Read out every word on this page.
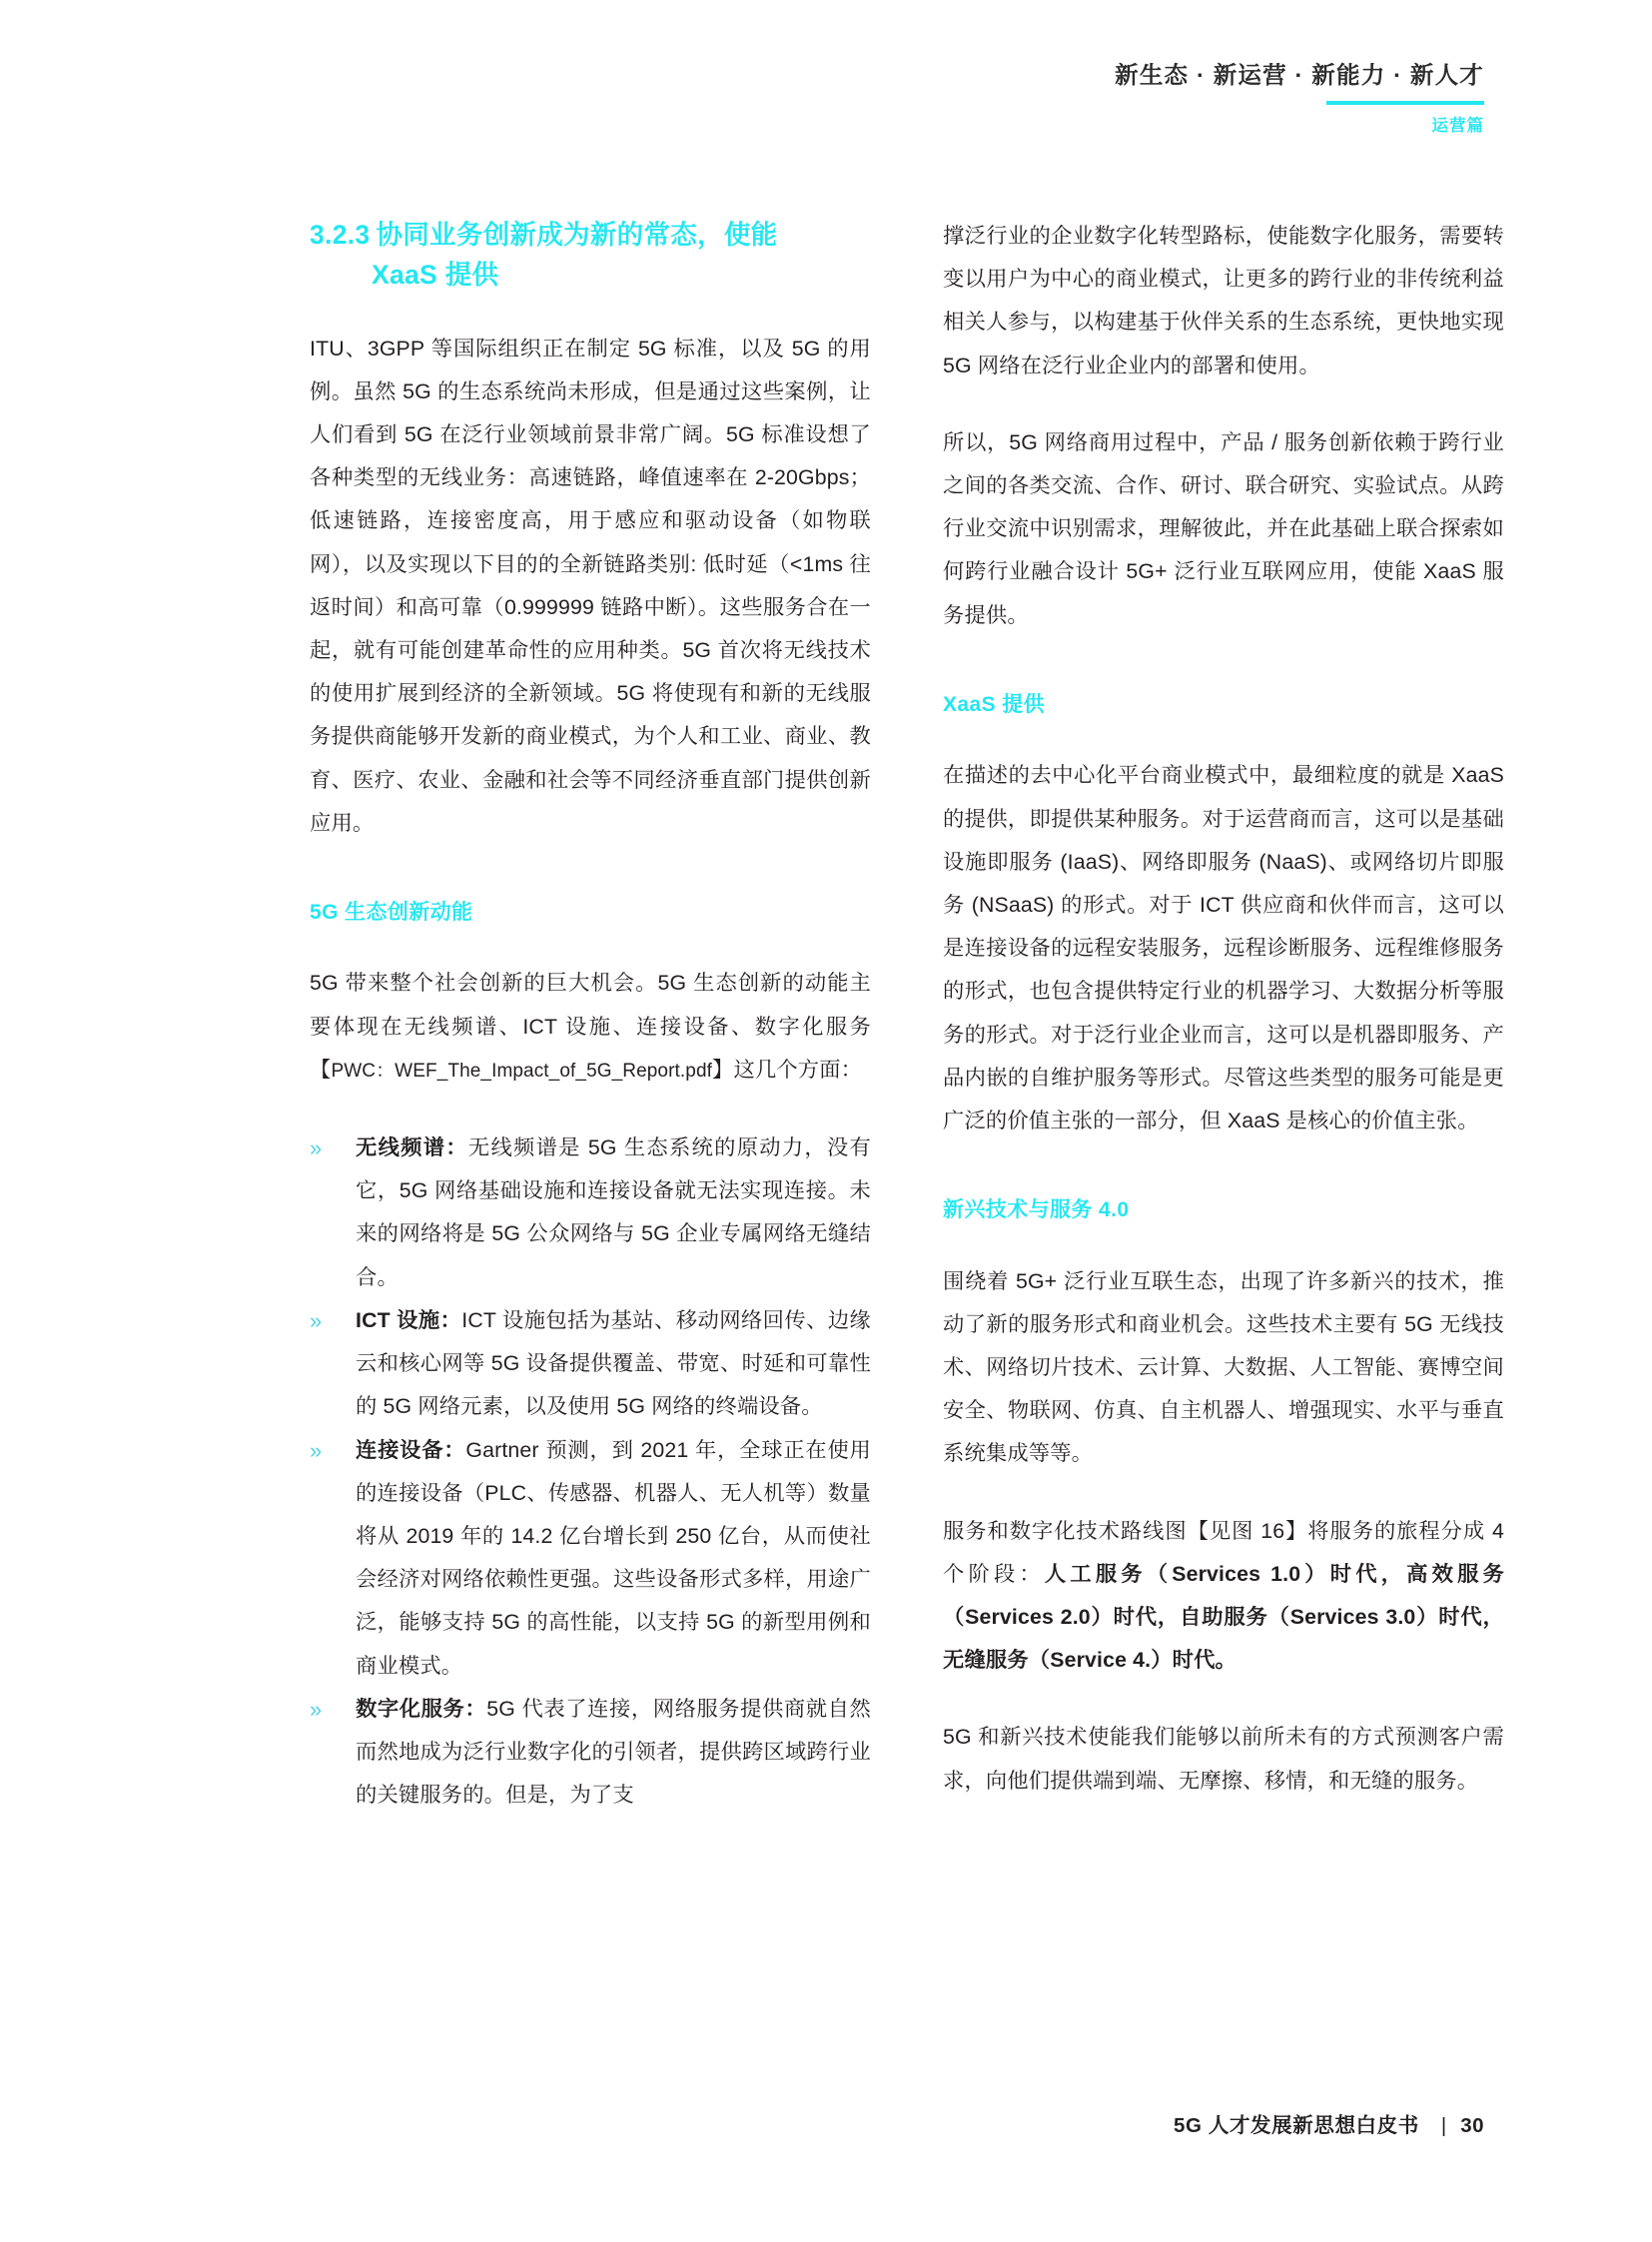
新生态 · 新运营 · 新能力 · 新人才
运营篇
3.2.3 协同业务创新成为新的常态，使能
XaaS 提供

ITU、3GPP 等国际组织正在制定 5G 标准，以及 5G 的用例。虽然 5G 的生态系统尚未形成，但是通过这些案例，让人们看到 5G 在泛行业领域前景非常广阔。5G 标准设想了各种类型的无线业务：高速链路，峰值速率在 2-20Gbps；低速链路，连接密度高，用于感应和驱动设备（如物联网），以及实现以下目的的全新链路类别: 低时延（<1ms 往返时间）和高可靠（0.999999 链路中断）。这些服务合在一起，就有可能创建革命性的应用种类。5G 首次将无线技术的使用扩展到经济的全新领域。5G 将使现有和新的无线服务提供商能够开发新的商业模式，为个人和工业、商业、教育、医疗、农业、金融和社会等不同经济垂直部门提供创新应用。

5G 生态创新动能

5G 带来整个社会创新的巨大机会。5G 生态创新的动能主要体现在无线频谱、ICT 设施、连接设备、数字化服务【PWC：WEF_The_Impact_of_5G_Report.pdf】这几个方面：

» 无线频谱：无线频谱是 5G 生态系统的原动力，没有它，5G 网络基础设施和连接设备就无法实现连接。未来的网络将是 5G 公众网络与 5G 企业专属网络无缝结合。
» ICT 设施：ICT 设施包括为基站、移动网络回传、边缘云和核心网等 5G 设备提供覆盖、带宽、时延和可靠性的 5G 网络元素，以及使用 5G 网络的终端设备。
» 连接设备：Gartner 预测，到 2021 年，全球正在使用的连接设备（PLC、传感器、机器人、无人机等）数量将从 2019 年的 14.2 亿台增长到 250 亿台，从而使社会经济对网络依赖性更强。这些设备形式多样，用途广泛，能够支持 5G 的高性能，以支持 5G 的新型用例和商业模式。
» 数字化服务：5G 代表了连接，网络服务提供商就自然而然地成为泛行业数字化的引领者，提供跨区域跨行业的关键服务的。但是，为了支

撑泛行业的企业数字化转型路标，使能数字化服务，需要转变以用户为中心的商业模式，让更多的跨行业的非传统利益相关人参与，以构建基于伙伴关系的生态系统，更快地实现 5G 网络在泛行业企业内的部署和使用。

所以，5G 网络商用过程中，产品 / 服务创新依赖于跨行业之间的各类交流、合作、研讨、联合研究、实验试点。从跨行业交流中识别需求，理解彼此，并在此基础上联合探索如何跨行业融合设计 5G+ 泛行业互联网应用，使能 XaaS 服务提供。

XaaS 提供

在描述的去中心化平台商业模式中，最细粒度的就是 XaaS 的提供，即提供某种服务。对于运营商而言，这可以是基础设施即服务 (IaaS)、网络即服务 (NaaS)、或网络切片即服务 (NSaaS) 的形式。对于 ICT 供应商和伙伴而言，这可以是连接设备的远程安装服务，远程诊断服务、远程维修服务的形式，也包含提供特定行业的机器学习、大数据分析等服务的形式。对于泛行业企业而言，这可以是机器即服务、产品内嵌的自维护服务等形式。尽管这些类型的服务可能是更广泛的价值主张的一部分，但 XaaS 是核心的价值主张。

新兴技术与服务 4.0

围绕着 5G+ 泛行业互联生态，出现了许多新兴的技术，推动了新的服务形式和商业机会。这些技术主要有 5G 无线技术、网络切片技术、云计算、大数据、人工智能、赛博空间安全、物联网、仿真、自主机器人、增强现实、水平与垂直系统集成等等。

服务和数字化技术路线图【见图 16】将服务的旅程分成 4 个阶段：人工服务（Services 1.0）时代，高效服务（Services 2.0）时代，自助服务（Services 3.0）时代，无缝服务（Service 4.）时代。

5G 和新兴技术使能我们能够以前所未有的方式预测客户需求，向他们提供端到端、无摩擦、移情，和无缝的服务。

5G 人才发展新思想白皮书	| 30
